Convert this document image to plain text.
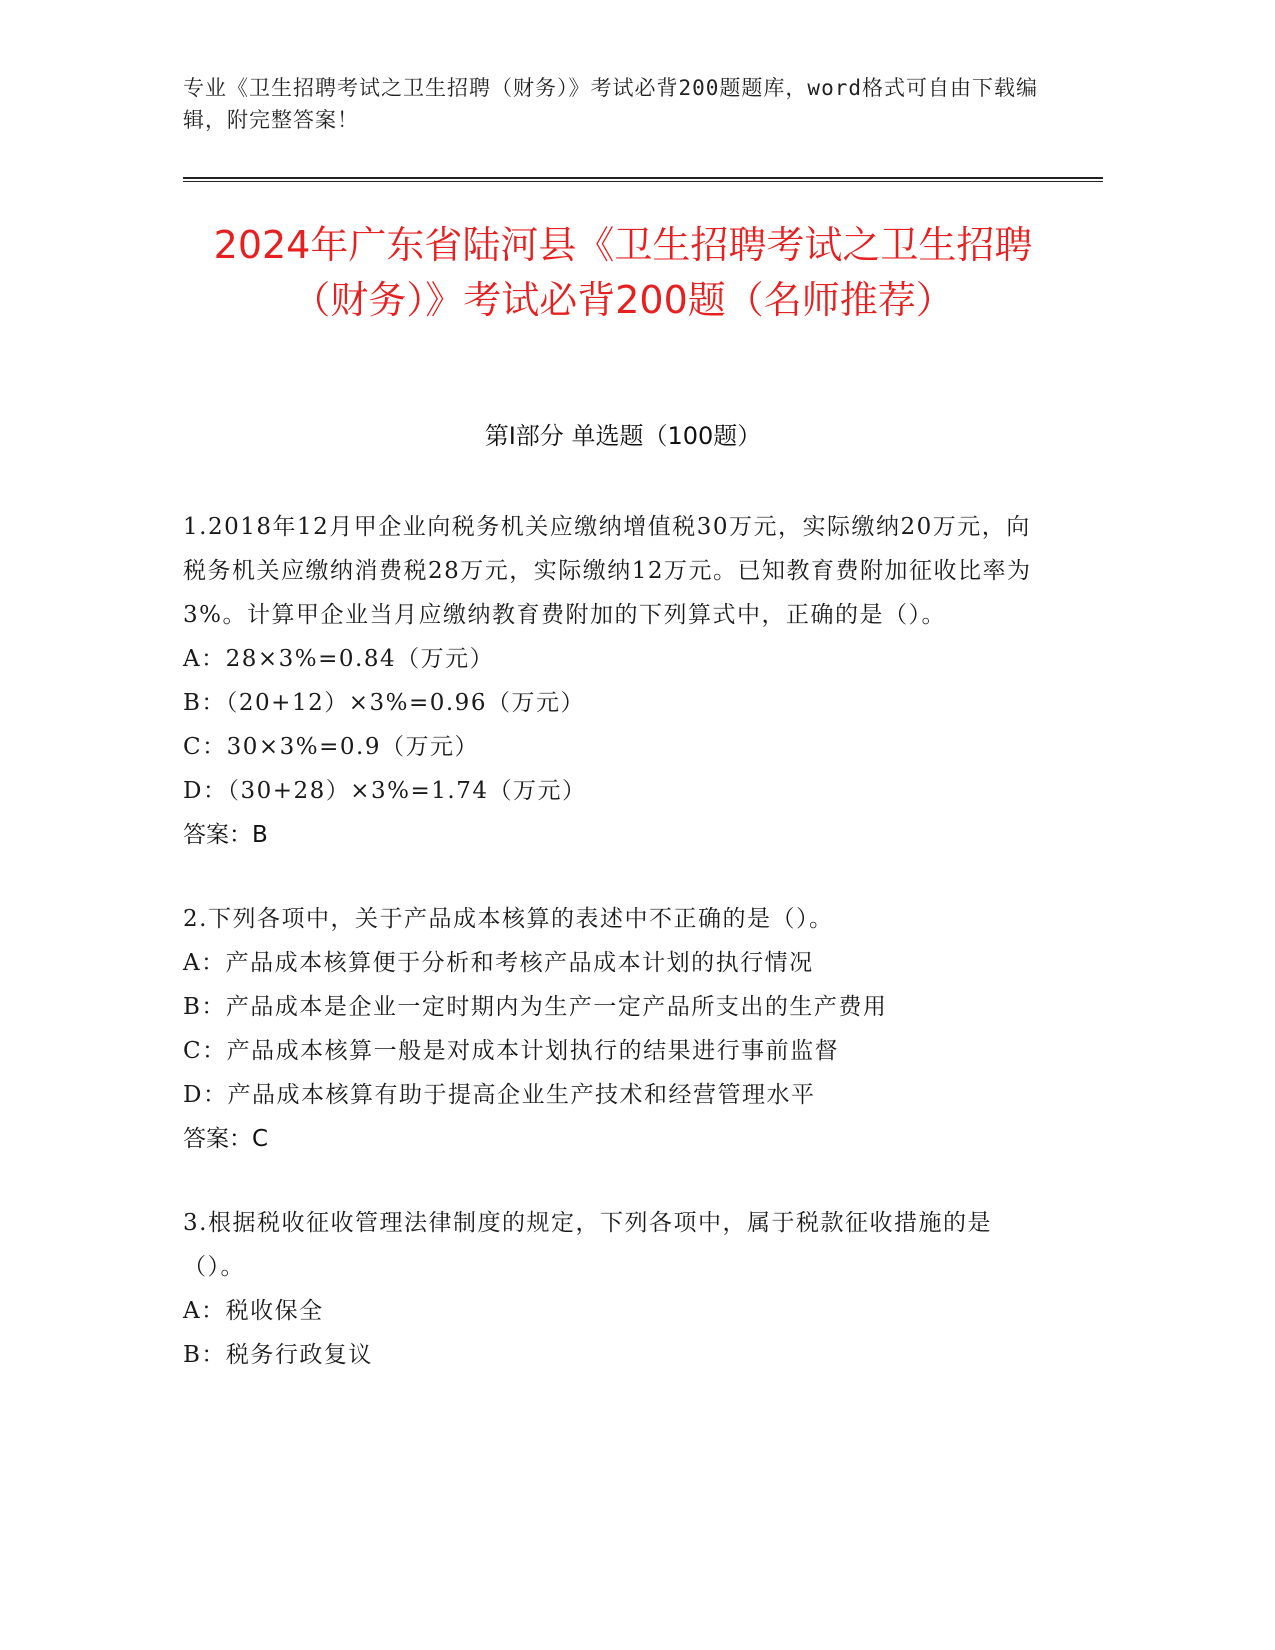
专业《卫生招聘考试之卫生招聘（财务）》考试必背200题题库，word格式可自由下载编辑，附完整答案！
2024年广东省陆河县《卫生招聘考试之卫生招聘（财务）》考试必背200题（名师推荐）
第I部分 单选题（100题）
1.2018年12月甲企业向税务机关应缴纳增值税30万元，实际缴纳20万元，向税务机关应缴纳消费税28万元，实际缴纳12万元。已知教育费附加征收比率为3%。计算甲企业当月应缴纳教育费附加的下列算式中，正确的是（）。
A：28×3%=0.84（万元）
B：（20+12）×3%=0.96（万元）
C：30×3%=0.9（万元）
D：（30+28）×3%=1.74（万元）
答案：B
2.下列各项中，关于产品成本核算的表述中不正确的是（）。
A：产品成本核算便于分析和考核产品成本计划的执行情况
B：产品成本是企业一定时期内为生产一定产品所支出的生产费用
C：产品成本核算一般是对成本计划执行的结果进行事前监督
D：产品成本核算有助于提高企业生产技术和经营管理水平
答案：C
3.根据税收征收管理法律制度的规定，下列各项中，属于税款征收措施的是（）。
A：税收保全
B：税务行政复议
